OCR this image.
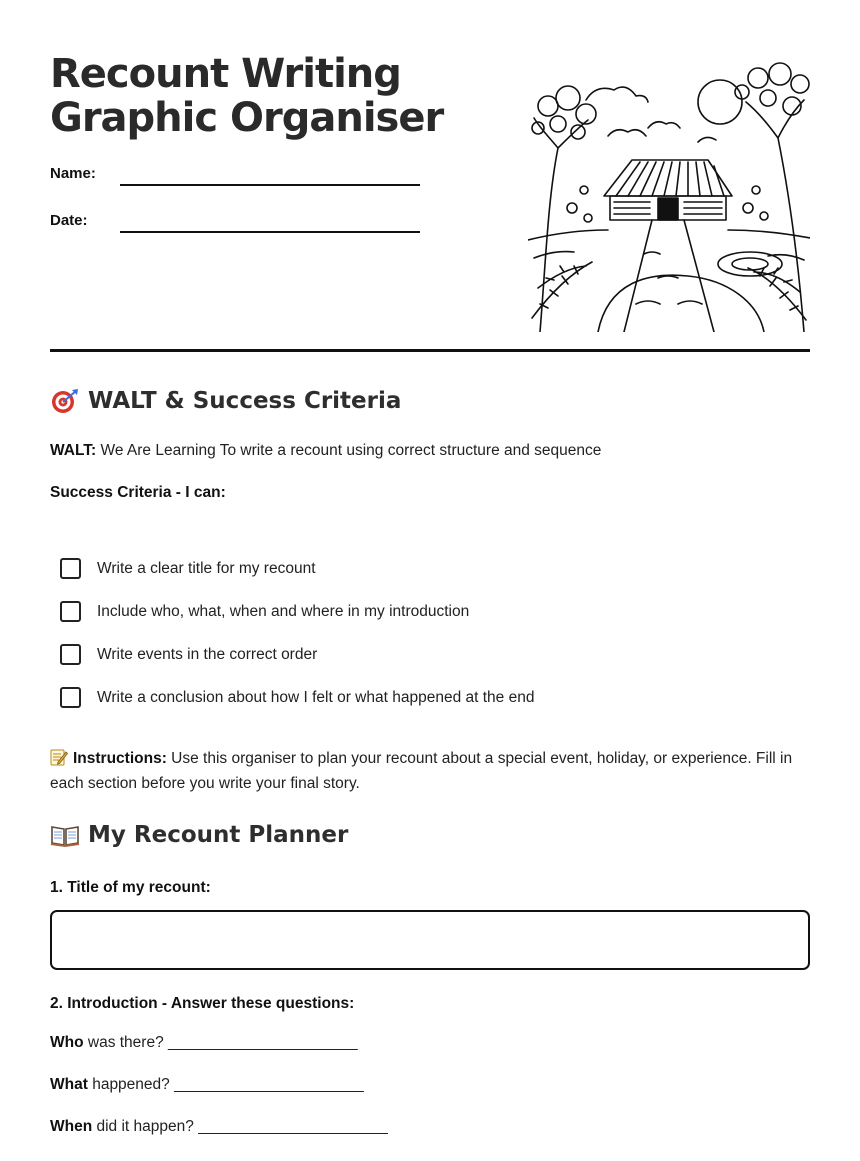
Recount Writing
Graphic Organiser
Name:
Date:
WALT & Success Criteria
WALT: We Are Learning To write a recount using correct structure and sequence
Success Criteria - I can:
Write a clear title for my recount
Include who, what, when and where in my introduction
Write events in the correct order
Write a conclusion about how I felt or what happened at the end
Instructions: Use this organiser to plan your recount about a special event, holiday, or experience. Fill in each section before you write your final story.
My Recount Planner
1. Title of my recount:
2. Introduction - Answer these questions:
Who was there? ______________________
What happened? ______________________
When did it happen? ______________________
